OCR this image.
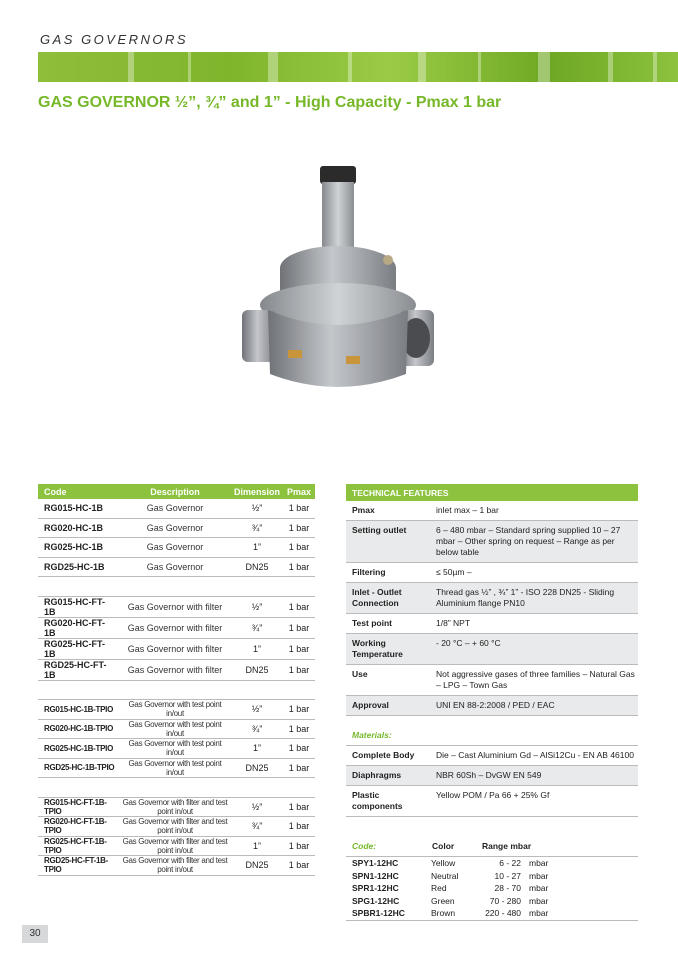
GAS GOVERNORS
GAS GOVERNOR ½”, ¾” and 1” - High Capacity - Pmax 1 bar
Code	Description	Dimension	Pmax
RG015-HC-1B	Gas Governor	½”	1 bar
RG020-HC-1B	Gas Governor	¾”	1 bar
RG025-HC-1B	Gas Governor	1”	1 bar
RGD25-HC-1B	Gas Governor	DN25	1 bar

RG015-HC-FT-1B	Gas Governor with filter	½”	1 bar
RG020-HC-FT-1B	Gas Governor with filter	¾”	1 bar
RG025-HC-FT-1B	Gas Governor with filter	1”	1 bar
RGD25-HC-FT-1B	Gas Governor with filter	DN25	1 bar

RG015-HC-1B-TPIO	Gas Governor with test point in/out	½”	1 bar
RG020-HC-1B-TPIO	Gas Governor with test point in/out	¾”	1 bar
RG025-HC-1B-TPIO	Gas Governor with test point in/out	1”	1 bar
RGD25-HC-1B-TPIO	Gas Governor with test point in/out	DN25	1 bar

RG015-HC-FT-1B-TPIO	Gas Governor with filter and test point in/out	½”	1 bar
RG020-HC-FT-1B-TPIO	Gas Governor with filter and test point in/out	¾”	1 bar
RG025-HC-FT-1B-TPIO	Gas Governor with filter and test point in/out	1”	1 bar
RGD25-HC-FT-1B-TPIO	Gas Governor with filter and test point in/out	DN25	1 bar
TECHNICAL FEATURES	
Pmax	inlet max – 1 bar
Setting outlet	6 – 480 mbar – Standard spring supplied 10 – 27 mbar – Other spring on request – Range as per below table
Filtering	≤ 50µm –
Inlet - Outlet Connection	Thread gas ½” , ¾” 1” - ISO 228 DN25 - Sliding Aluminium flange PN10
Test point	1/8” NPT
Working Temperature	- 20 °C – + 60 °C
Use	Not aggressive gases of three families – Natural Gas – LPG – Town Gas
Approval	UNI EN 88-2:2008 / PED / EAC
Materials:	
Complete Body	Die – Cast Aluminium Gd – AlSi12Cu - EN AB 46100
Diaphragms	NBR 60Sh – DvGW EN 549
Plastic components	Yellow POM / Pa 66 + 25% Gf
Code:	Color	Range mbar	
SPY1-12HC	Yellow	6 - 22	mbar
SPN1-12HC	Neutral	10 - 27	mbar
SPR1-12HC	Red	28 - 70	mbar
SPG1-12HC	Green	70 - 280	mbar
SPBR1-12HC	Brown	220 - 480	mbar
30
